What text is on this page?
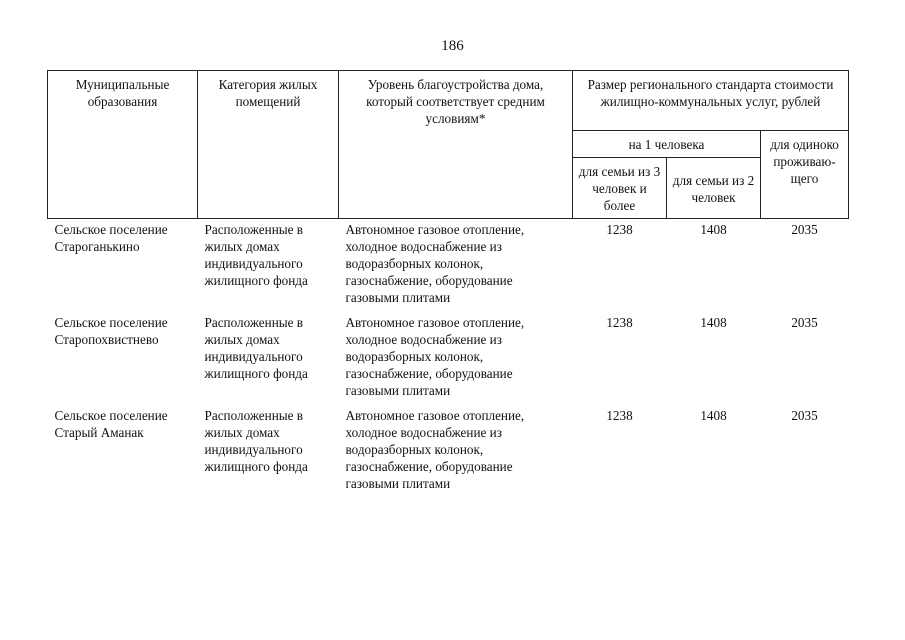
186
Муниципальные образования	Категория жилых помещений	Уровень благоустройства дома, который соответствует средним условиям*	Размер регионального стандарта стоимости жилищно-коммунальных услуг, рублей		
			на 1 человека		для одиноко проживаю-щего
			для семьи из 3 человек и более	для семьи из 2 человек	
Сельское поселение Староганькино	Расположенные в жилых домах индивидуального жилищного фонда	Автономное газовое отопление, холодное водоснабжение из водоразборных колонок, газоснабжение, оборудование газовыми плитами	1238	1408	2035
Сельское поселение Старопохвистнево	Расположенные в жилых домах индивидуального жилищного фонда	Автономное газовое отопление, холодное водоснабжение из водоразборных колонок, газоснабжение, оборудование газовыми плитами	1238	1408	2035
Сельское поселение Старый Аманак	Расположенные в жилых домах индивидуального жилищного фонда	Автономное газовое отопление, холодное водоснабжение из водоразборных колонок, газоснабжение, оборудование газовыми плитами	1238	1408	2035
